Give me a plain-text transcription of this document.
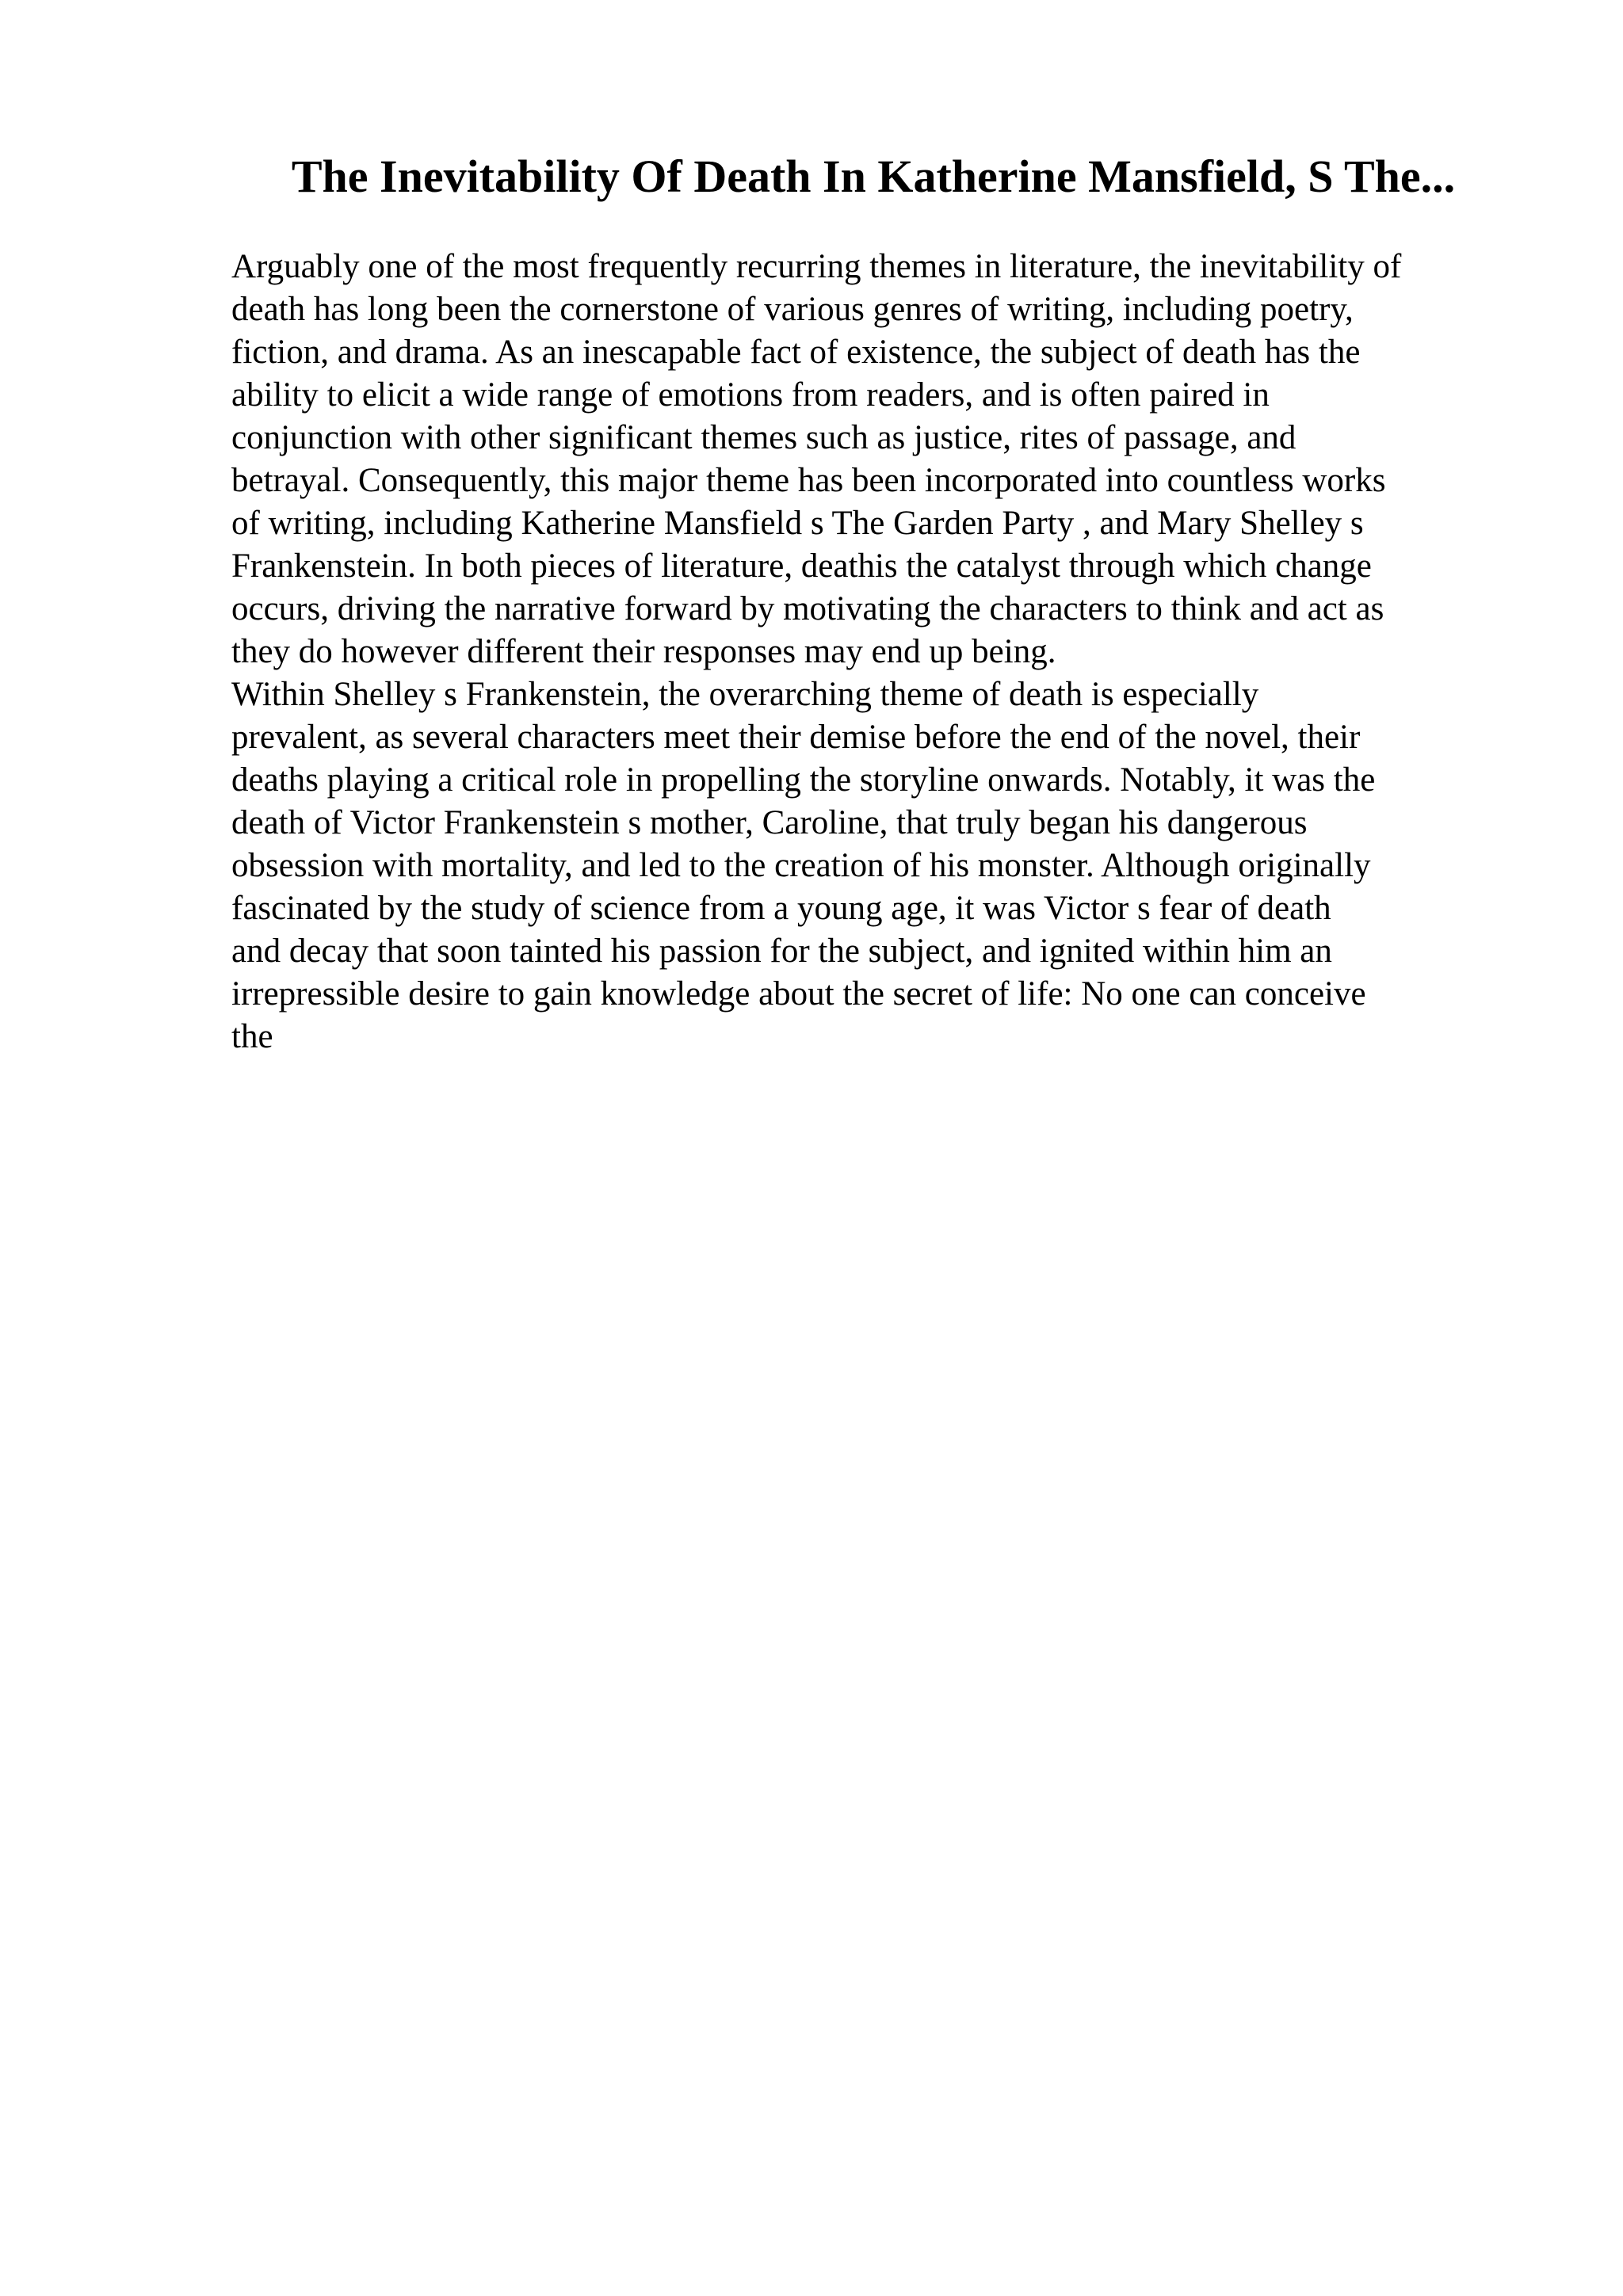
The Inevitability Of Death In Katherine Mansfield, S The...
Arguably one of the most frequently recurring themes in literature, the inevitability of
death has long been the cornerstone of various genres of writing, including poetry,
fiction, and drama. As an inescapable fact of existence, the subject of death has the
ability to elicit a wide range of emotions from readers, and is often paired in
conjunction with other significant themes such as justice, rites of passage, and
betrayal. Consequently, this major theme has been incorporated into countless works
of writing, including Katherine Mansfield s The Garden Party , and Mary Shelley s
Frankenstein. In both pieces of literature, deathis the catalyst through which change
occurs, driving the narrative forward by motivating the characters to think and act as
they do however different their responses may end up being.
Within Shelley s Frankenstein, the overarching theme of death is especially
prevalent, as several characters meet their demise before the end of the novel, their
deaths playing a critical role in propelling the storyline onwards. Notably, it was the
death of Victor Frankenstein s mother, Caroline, that truly began his dangerous
obsession with mortality, and led to the creation of his monster. Although originally
fascinated by the study of science from a young age, it was Victor s fear of death
and decay that soon tainted his passion for the subject, and ignited within him an
irrepressible desire to gain knowledge about the secret of life: No one can conceive
the
